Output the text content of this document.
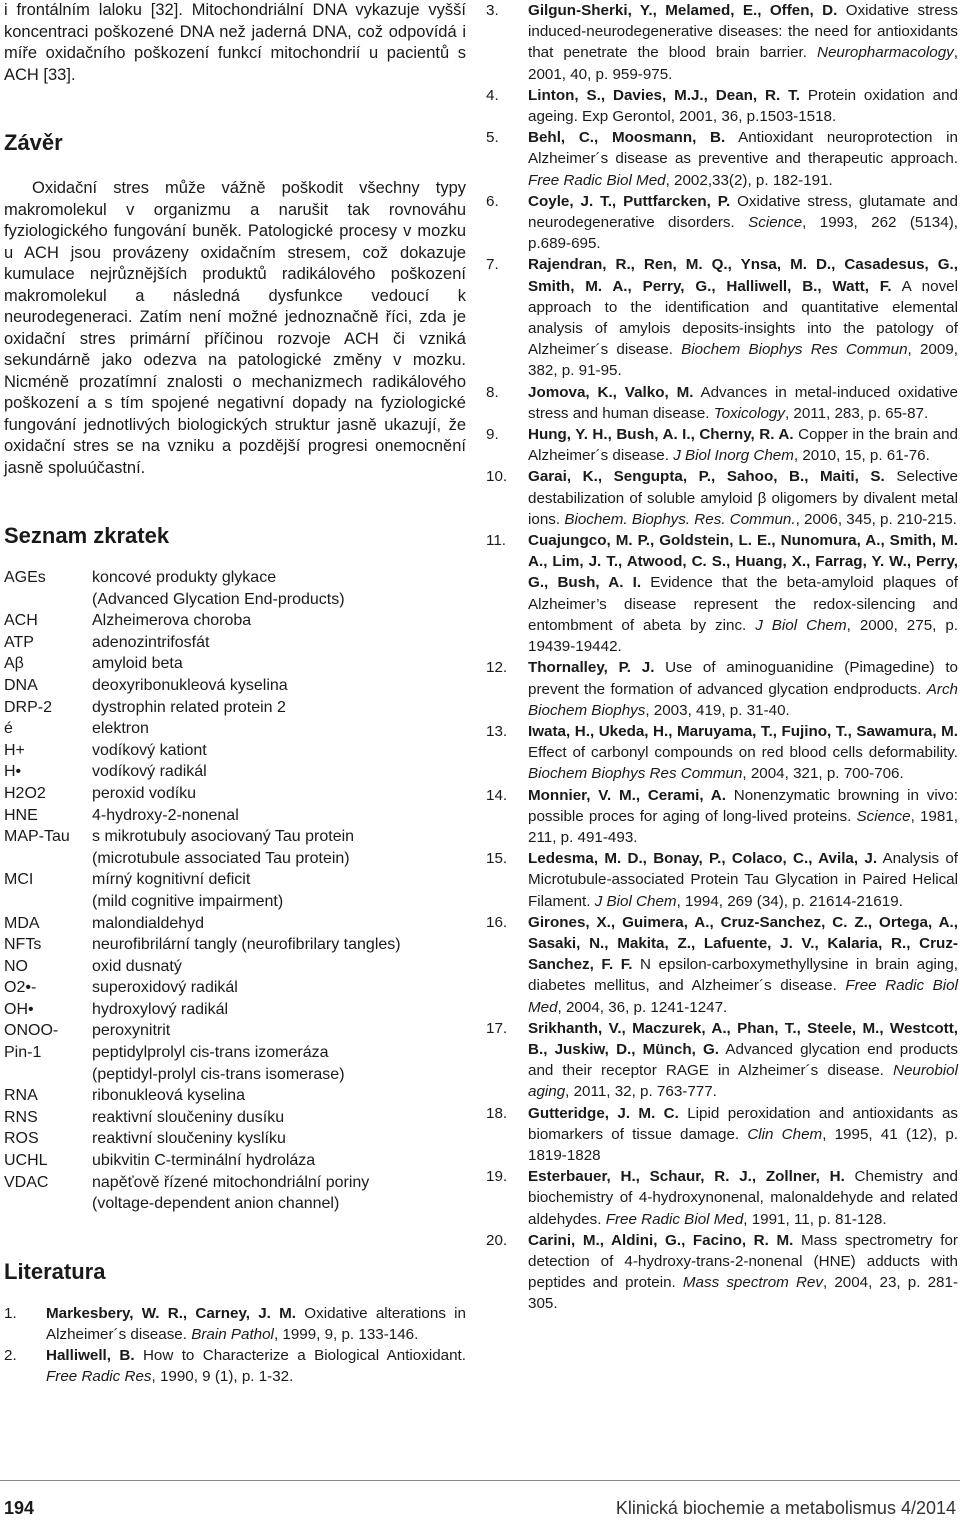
i frontálním laloku [32]. Mitochondriální DNA vykazuje vyšší koncentraci poškozené DNA než jaderná DNA, což odpovídá i míře oxidačního poškození funkcí mitochondrií u pacientů s ACH [33].

Závěr

Oxidační stres může vážně poškodit všechny typy makromolekul v organizmu a narušit tak rovnováhu fyziologického fungování buněk. Patologické procesy v mozku u ACH jsou provázeny oxidačním stresem, což dokazuje kumulace nejrůznějších produktů radikálového poškození makromolekul a následná dysfunkce vedoucí k neurodegeneraci. Zatím není možné jednoznačně říci, zda je oxidační stres primární příčinou rozvoje ACH či vzniká sekundárně jako odezva na patologické změny v mozku. Nicméně prozatímní znalosti o mechanizmech radikálového poškození a s tím spojené negativní dopady na fyziologické fungování jednotlivých biologických struktur jasně ukazují, že oxidační stres se na vzniku a pozdější progresi onemocnění jasně spoluúčastní.

Seznam zkratek
AGEs	koncové produkty glykace
(Advanced Glycation End-products)

ACH	Alzheimerova choroba

ATP	adenozintrifosfát

Aβ	amyloid beta

DNA	deoxyribonukleová kyselina

DRP-2	dystrophin related protein 2

é	elektron

H+	vodíkový kationt

H•	vodíkový radikál

H2O2	peroxid vodíku

HNE	4-hydroxy-2-nonenal

MAP-Tau	s mikrotubuly asociovaný Tau protein
(microtubule associated Tau protein)

MCI	mírný kognitivní deficit
(mild cognitive impairment)

MDA	malondialdehyd

NFTs	neurofibrilární tangly (neurofibrilary tangles)

NO	oxid dusnatý

O2•-	superoxidový radikál

OH•	hydroxylový radikál

ONOO-	peroxynitrit

Pin-1	peptidylprolyl cis-trans izomeráza
(peptidyl-prolyl cis-trans isomerase)

RNA	ribonukleová kyselina

RNS	reaktivní sloučeniny dusíku

ROS	reaktivní sloučeniny kyslíku

UCHL	ubikvitin C-terminální hydroláza

VDAC	napěťově řízené mitochondriální poriny
(voltage-dependent anion channel)
Literatura
1. Markesbery, W. R., Carney, J. M. Oxidative alterations in Alzheimer´s disease. Brain Pathol, 1999, 9, p. 133-146.
2. Halliwell, B. How to Characterize a Biological Antioxidant. Free Radic Res, 1990, 9 (1), p. 1-32.
3. Gilgun-Sherki, Y., Melamed, E., Offen, D. Oxidative stress induced-neurodegenerative diseases: the need for antioxidants that penetrate the blood brain barrier. Neuropharmacology, 2001, 40, p. 959-975.
4. Linton, S., Davies, M.J., Dean, R. T. Protein oxidation and ageing. Exp Gerontol, 2001, 36, p.1503-1518.
5. Behl, C., Moosmann, B. Antioxidant neuroprotection in Alzheimer´s disease as preventive and therapeutic approach. Free Radic Biol Med, 2002,33(2), p. 182-191.
6. Coyle, J. T., Puttfarcken, P. Oxidative stress, glutamate and neurodegenerative disorders. Science, 1993, 262 (5134), p.689-695.
7. Rajendran, R., Ren, M. Q., Ynsa, M. D., Casadesus, G., Smith, M. A., Perry, G., Halliwell, B., Watt, F. A novel approach to the identification and quantitative elemental analysis of amylois deposits-insights into the patology of Alzheimer´s disease. Biochem Biophys Res Commun, 2009, 382, p. 91-95.
8. Jomova, K., Valko, M. Advances in metal-induced oxidative stress and human disease. Toxicology, 2011, 283, p. 65-87.
9. Hung, Y. H., Bush, A. I., Cherny, R. A. Copper in the brain and Alzheimer´s disease. J Biol Inorg Chem, 2010, 15, p. 61-76.
10. Garai, K., Sengupta, P., Sahoo, B., Maiti, S. Selective destabilization of soluble amyloid β oligomers by divalent metal ions. Biochem. Biophys. Res. Commun., 2006, 345, p. 210-215.
11. Cuajungco, M. P., Goldstein, L. E., Nunomura, A., Smith, M. A., Lim, J. T., Atwood, C. S., Huang, X., Farrag, Y. W., Perry, G., Bush, A. I. Evidence that the beta-amyloid plaques of Alzheimer’s disease represent the redox-silencing and entombment of abeta by zinc. J Biol Chem, 2000, 275, p. 19439-19442.
12. Thornalley, P. J. Use of aminoguanidine (Pimagedine) to prevent the formation of advanced glycation endproducts. Arch Biochem Biophys, 2003, 419, p. 31-40.
13. Iwata, H., Ukeda, H., Maruyama, T., Fujino, T., Sawamura, M. Effect of carbonyl compounds on red blood cells deformability. Biochem Biophys Res Commun, 2004, 321, p. 700-706.
14. Monnier, V. M., Cerami, A. Nonenzymatic browning in vivo: possible proces for aging of long-lived proteins. Science, 1981, 211, p. 491-493.
15. Ledesma, M. D., Bonay, P., Colaco, C., Avila, J. Analysis of Microtubule-associated Protein Tau Glycation in Paired Helical Filament. J Biol Chem, 1994, 269 (34), p. 21614-21619.
16. Girones, X., Guimera, A., Cruz-Sanchez, C. Z., Ortega, A., Sasaki, N., Makita, Z., Lafuente, J. V., Kalaria, R., Cruz-Sanchez, F. F. N epsilon-carboxymethyllysine in brain aging, diabetes mellitus, and Alzheimer´s disease. Free Radic Biol Med, 2004, 36, p. 1241-1247.
17. Srikhanth, V., Maczurek, A., Phan, T., Steele, M., Westcott, B., Juskiw, D., Münch, G. Advanced glycation end products and their receptor RAGE in Alzheimer´s disease. Neurobiol aging, 2011, 32, p. 763-777.
18. Gutteridge, J. M. C. Lipid peroxidation and antioxidants as biomarkers of tissue damage. Clin Chem, 1995, 41 (12), p. 1819-1828
19. Esterbauer, H., Schaur, R. J., Zollner, H. Chemistry and biochemistry of 4-hydroxynonenal, malonaldehyde and related aldehydes. Free Radic Biol Med, 1991, 11, p. 81-128.
20. Carini, M., Aldini, G., Facino, R. M. Mass spectrometry for detection of 4-hydroxy-trans-2-nonenal (HNE) adducts with peptides and protein. Mass spectrom Rev, 2004, 23, p. 281-305.
194	Klinická biochemie a metabolismus 4/2014
